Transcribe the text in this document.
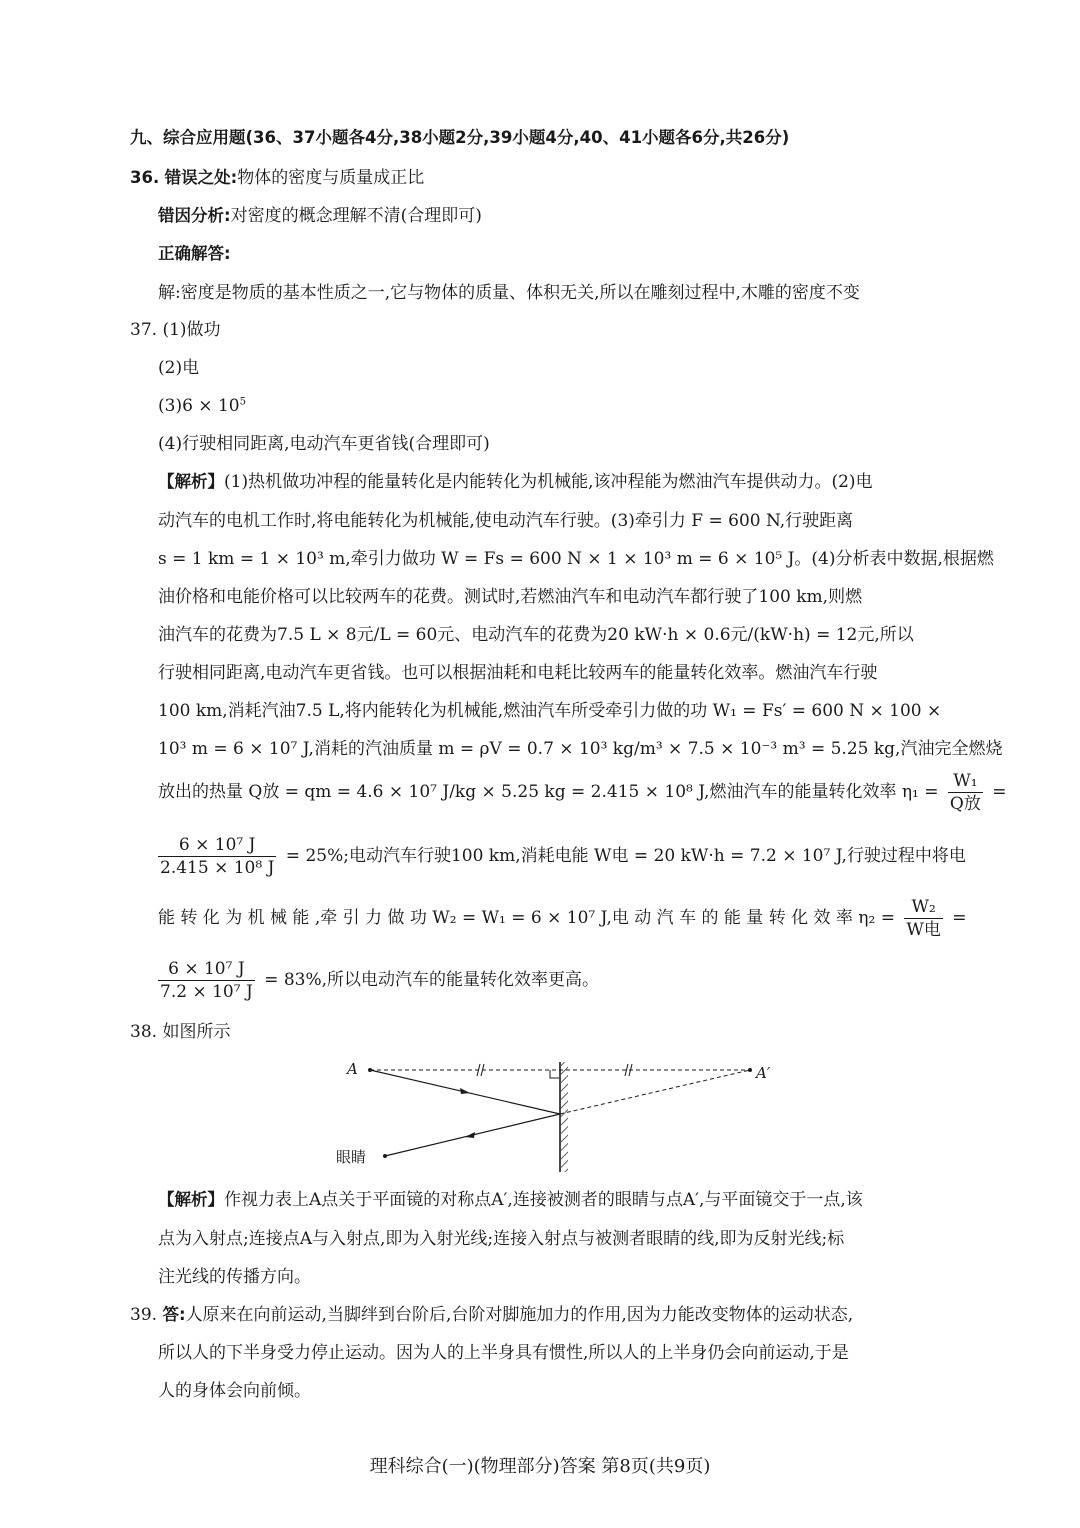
九、综合应用题(36、37小题各4分,38小题2分,39小题4分,40、41小题各6分,共26分)
36. 错误之处:物体的密度与质量成正比
错因分析:对密度的概念理解不清(合理即可)
正确解答:
解:密度是物质的基本性质之一,它与物体的质量、体积无关,所以在雕刻过程中,木雕的密度不变
37. (1)做功
(2)电
$(3)6 \times 10^5$
(4)行驶相同距离,电动汽车更省钱(合理即可)
【解析】(1)热机做功冲程的能量转化是内能转化为机械能,该冲程能为燃油汽车提供动力。(2)电
动汽车的电机工作时,将电能转化为机械能,使电动汽车行驶。(3)牵引力 F = 600 N,行驶距离
s = 1 km = 1 × 10³ m,牵引力做功 W = Fs = 600 N × 1 × 10³ m = 6 × 10⁵ J。(4)分析表中数据,根据燃
油价格和电能价格可以比较两车的花费。测试时,若燃油汽车和电动汽车都行驶了100 km,则燃
油汽车的花费为7.5 L × 8元/L = 60元、电动汽车的花费为20 kW·h × 0.6元/(kW·h) = 12元,所以
行驶相同距离,电动汽车更省钱。也可以根据油耗和电耗比较两车的能量转化效率。燃油汽车行驶
100 km,消耗汽油7.5 L,将内能转化为机械能,燃油汽车所受牵引力做的功 W₁ = Fs′ = 600 N × 100 ×
10³ m = 6 × 10⁷ J,消耗的汽油质量 m = ρV = 0.7 × 10³ kg/m³ × 7.5 × 10⁻³ m³ = 5.25 kg,汽油完全燃烧
放出的热量 Q放 = qm = 4.6 × 10⁷ J/kg × 5.25 kg = 2.415 × 10⁸ J,燃油汽车的能量转化效率 $\eta_1 = \frac{\text{W₁}}{\text{Q放}}$ =
$\frac{\text{6 × 10⁷ J}}{\text{2.415 × 10⁸ J}} = 25\%$;电动汽车行驶100 km,消耗电能 W电 = 20 kW·h = 7.2 × 10⁷ J,行驶过程中将电
能 转 化 为 机 械 能 ,牵 引 力 做 功 W₂ = W₁ = 6 × 10⁷ J,电 动 汽 车 的 能 量 转 化 效 率 $\eta_2 = \frac{\text{W₂}}{\text{W电}}$ =
$\frac{\text{6 × 10⁷ J}}{\text{7.2 × 10⁷ J}} = 83\%$,所以电动汽车的能量转化效率更高。
38. 如图所示
A	A′
眼睛
【解析】作视力表上A点关于平面镜的对称点A′,连接被测者的眼睛与点A′,与平面镜交于一点,该
点为入射点;连接点A与入射点,即为入射光线;连接入射点与被测者眼睛的线,即为反射光线;标
注光线的传播方向。
39. 答:人原来在向前运动,当脚绊到台阶后,台阶对脚施加力的作用,因为力能改变物体的运动状态,
所以人的下半身受力停止运动。因为人的上半身具有惯性,所以人的上半身仍会向前运动,于是
人的身体会向前倾。
理科综合(一)(物理部分)答案 第8页(共9页)
